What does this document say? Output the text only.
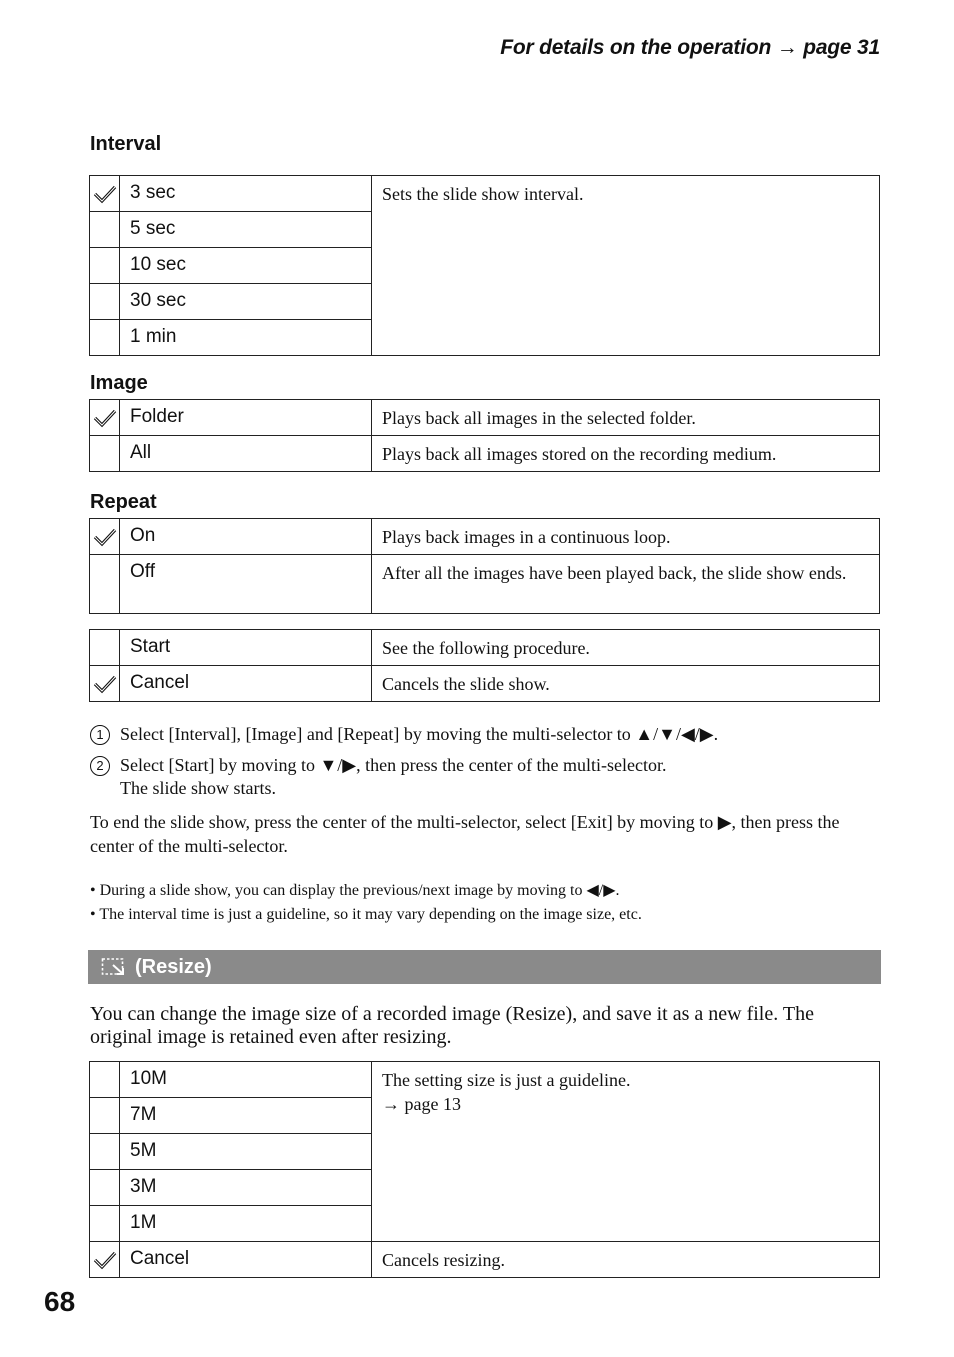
For details on the operation → page 31
Interval
	3 sec	Sets the slide show interval.
	5 sec	
	10 sec	
	30 sec	
	1 min	
Image
	Folder	Plays back all images in the selected folder.
	All	Plays back all images stored on the recording medium.
Repeat
	On	Plays back images in a continuous loop.
	Off	After all the images have been played back, the slide show ends.
	Start	See the following procedure.

	Cancel	Cancels the slide show.
1 Select [Interval], [Image] and [Repeat] by moving the multi-selector to ▲/▼/◀/▶.
2 Select [Start] by moving to ▼/▶, then press the center of the multi-selector.
The slide show starts.
To end the slide show, press the center of the multi-selector, select [Exit] by moving to ▶, then press the center of the multi-selector.
• During a slide show, you can display the previous/next image by moving to ◀/▶.
• The interval time is just a guideline, so it may vary depending on the image size, etc.
(Resize)
You can change the image size of a recorded image (Resize), and save it as a new file. The original image is retained even after resizing.
	10M	The setting size is just a guideline.
→ page 13

	7M	
	5M	
	3M	
	1M	

	Cancel	Cancels resizing.
68
